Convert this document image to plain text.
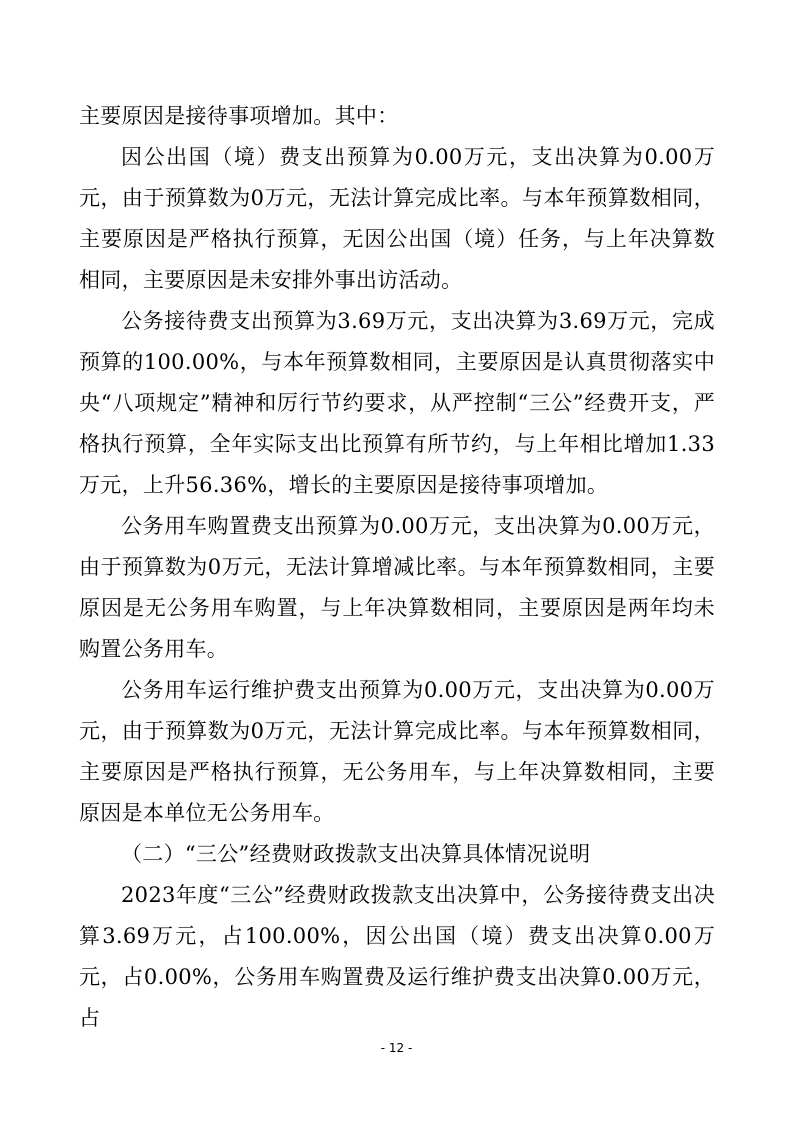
主要原因是接待事项增加。其中：

因公出国（境）费支出预算为0.00万元，支出决算为0.00万元，由于预算数为0万元，无法计算完成比率。与本年预算数相同，主要原因是严格执行预算，无因公出国（境）任务，与上年决算数相同，主要原因是未安排外事出访活动。

公务接待费支出预算为3.69万元，支出决算为3.69万元，完成预算的100.00%，与本年预算数相同，主要原因是认真贯彻落实中央“八项规定”精神和厉行节约要求，从严控制“三公”经费开支，严格执行预算，全年实际支出比预算有所节约，与上年相比增加1.33万元，上升56.36%，增长的主要原因是接待事项增加。

公务用车购置费支出预算为0.00万元，支出决算为0.00万元，由于预算数为0万元，无法计算增减比率。与本年预算数相同，主要原因是无公务用车购置，与上年决算数相同，主要原因是两年均未购置公务用车。

公务用车运行维护费支出预算为0.00万元，支出决算为0.00万元，由于预算数为0万元，无法计算完成比率。与本年预算数相同，主要原因是严格执行预算，无公务用车，与上年决算数相同，主要原因是本单位无公务用车。

（二）“三公”经费财政拨款支出决算具体情况说明

2023年度“三公”经费财政拨款支出决算中，公务接待费支出决算3.69万元，占100.00%，因公出国（境）费支出决算0.00万元，占0.00%，公务用车购置费及运行维护费支出决算0.00万元，占

- 12 -
